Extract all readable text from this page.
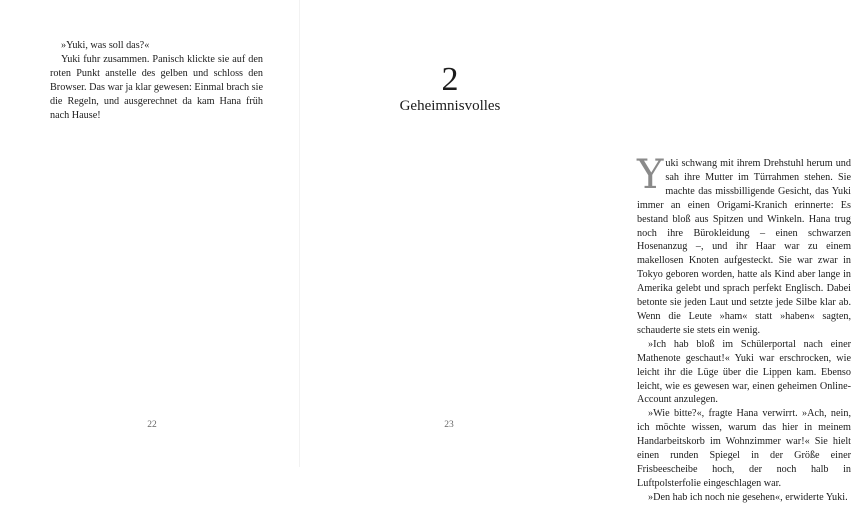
»Yuki, was soll das?«

Yuki fuhr zusammen. Panisch klickte sie auf den roten Punkt anstelle des gelben und schloss den Browser. Das war ja klar gewesen: Einmal brach sie die Regeln, und ausgerechnet da kam Hana früh nach Hause!

Yuki schwang mit ihrem Drehstuhl herum und sah ihre Mutter im Türrahmen stehen. Sie machte das missbilligende Gesicht, das Yuki immer an einen Origami-Kranich erinnerte: Es bestand bloß aus Spitzen und Winkeln. Hana trug noch ihre Bürokleidung – einen schwarzen Hosenanzug –, und ihr Haar war zu einem makellosen Knoten aufgesteckt. Sie war zwar in Tokyo geboren worden, hatte als Kind aber lange in Amerika gelebt und sprach perfekt Englisch. Dabei betonte sie jeden Laut und setzte jede Silbe klar ab. Wenn die Leute »ham« statt »haben« sagten, schauderte sie stets ein wenig.

»Ich hab bloß im Schülerportal nach einer Mathenote geschaut!« Yuki war erschrocken, wie leicht ihr die Lüge über die Lippen kam. Ebenso leicht, wie es gewesen war, einen geheimen Online-Account anzulegen.

»Wie bitte?«, fragte Hana verwirrt. »Ach, nein, ich möchte wissen, warum das hier in meinem Handarbeitskorb im Wohnzimmer war!« Sie hielt einen runden Spiegel in der Größe einer Frisbeescheibe hoch, der noch halb in Luftpolsterfolie eingeschlagen war.

»Den hab ich noch nie gesehen«, erwiderte Yuki.

2
Geheimnisvolles
22	23
